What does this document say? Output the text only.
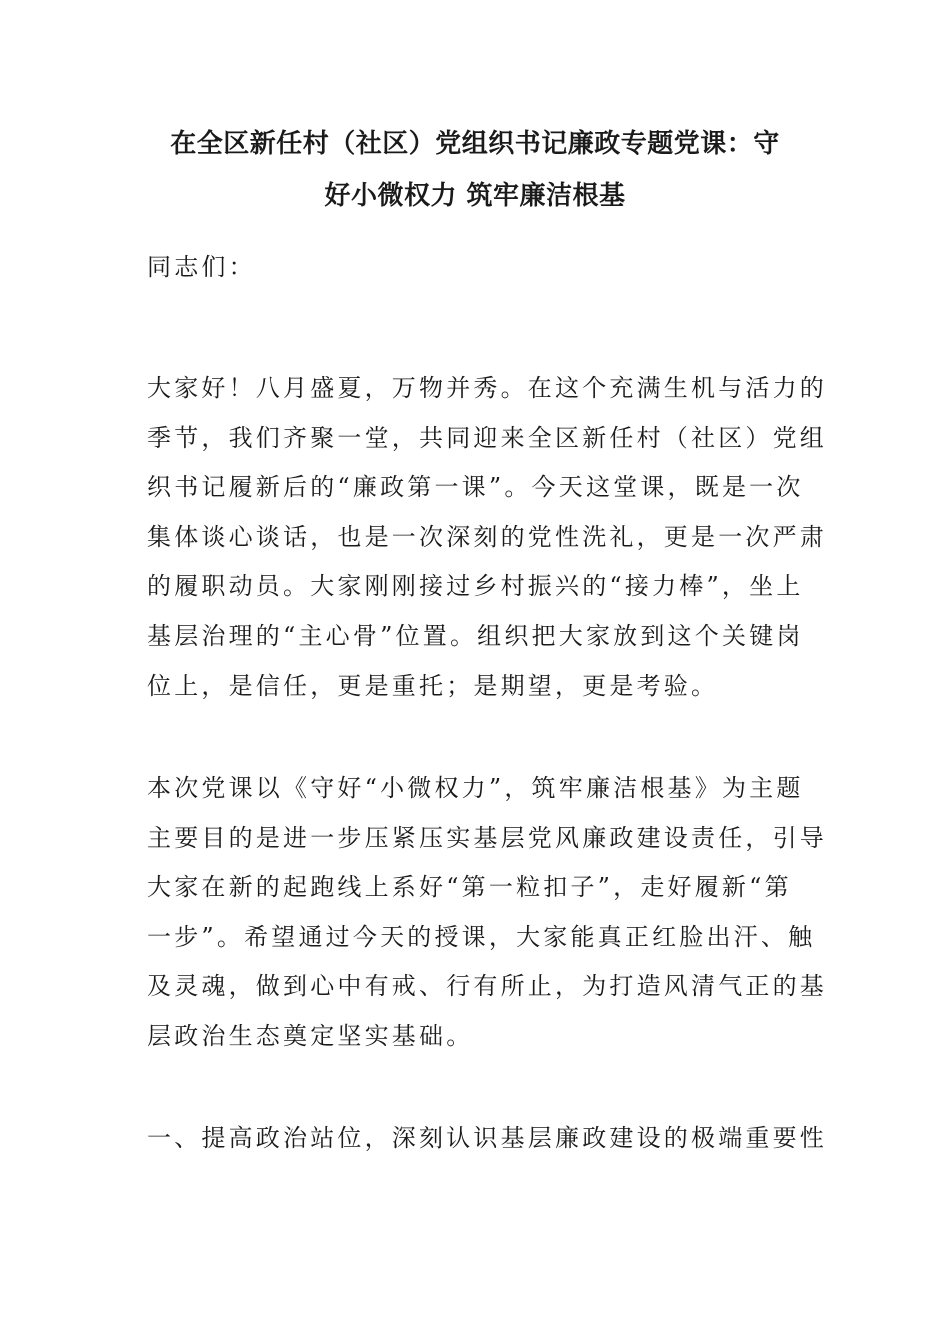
在全区新任村（社区）党组织书记廉政专题党课：守
好小微权力 筑牢廉洁根基

同志们：

大家好！八月盛夏，万物并秀。在这个充满生机与活力的
季节，我们齐聚一堂，共同迎来全区新任村（社区）党组
织书记履新后的“廉政第一课”。今天这堂课，既是一次
集体谈心谈话，也是一次深刻的党性洗礼，更是一次严肃
的履职动员。大家刚刚接过乡村振兴的“接力棒”，坐上
基层治理的“主心骨”位置。组织把大家放到这个关键岗
位上，是信任，更是重托；是期望，更是考验。

本次党课以《守好“小微权力”，筑牢廉洁根基》为主题
主要目的是进一步压紧压实基层党风廉政建设责任，引导
大家在新的起跑线上系好“第一粒扣子”，走好履新“第
一步”。希望通过今天的授课，大家能真正红脸出汗、触
及灵魂，做到心中有戒、行有所止，为打造风清气正的基
层政治生态奠定坚实基础。

一、提高政治站位，深刻认识基层廉政建设的极端重要性
